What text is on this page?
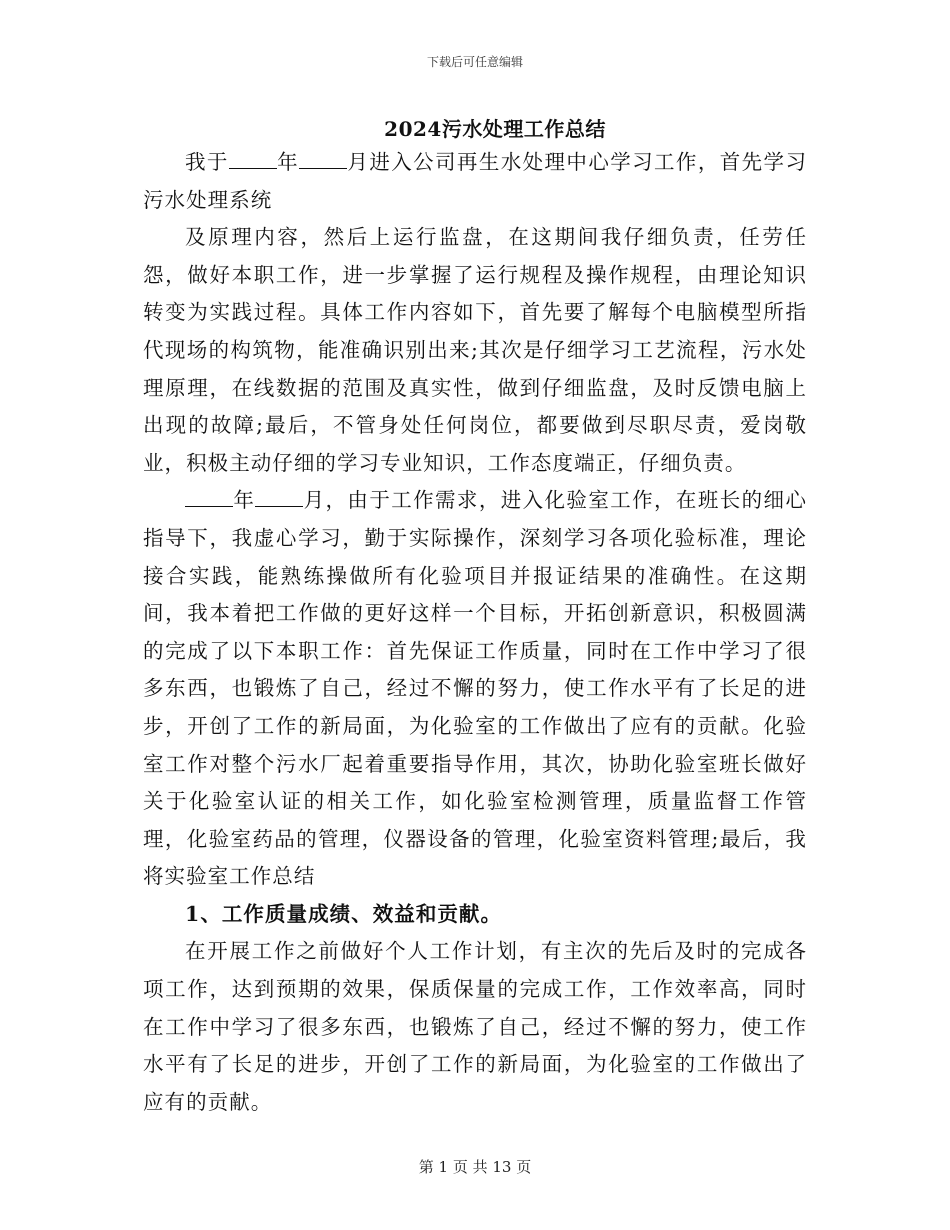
下载后可任意编辑
2024污水处理工作总结

我于 年 月进入公司再生水处理中心学习工作，首先学习污水处理系统

及原理内容，然后上运行监盘，在这期间我仔细负责，任劳任怨，做好本职工作，进一步掌握了运行规程及操作规程，由理论知识转变为实践过程。具体工作内容如下，首先要了解每个电脑模型所指代现场的构筑物，能准确识别出来;其次是仔细学习工艺流程，污水处理原理，在线数据的范围及真实性，做到仔细监盘，及时反馈电脑上出现的故障;最后，不管身处任何岗位，都要做到尽职尽责，爱岗敬业，积极主动仔细的学习专业知识，工作态度端正，仔细负责。

年 月，由于工作需求，进入化验室工作，在班长的细心指导下，我虚心学习，勤于实际操作，深刻学习各项化验标准，理论接合实践，能熟练操做所有化验项目并报证结果的准确性。在这期间，我本着把工作做的更好这样一个目标，开拓创新意识，积极圆满的完成了以下本职工作：首先保证工作质量，同时在工作中学习了很多东西，也锻炼了自己，经过不懈的努力，使工作水平有了长足的进步，开创了工作的新局面，为化验室的工作做出了应有的贡献。化验室工作对整个污水厂起着重要指导作用，其次，协助化验室班长做好关于化验室认证的相关工作，如化验室检测管理，质量监督工作管理，化验室药品的管理，仪器设备的管理，化验室资料管理;最后，我将实验室工作总结

1、工作质量成绩、效益和贡献。

在开展工作之前做好个人工作计划，有主次的先后及时的完成各项工作，达到预期的效果，保质保量的完成工作，工作效率高，同时在工作中学习了很多东西，也锻炼了自己，经过不懈的努力，使工作水平有了长足的进步，开创了工作的新局面，为化验室的工作做出了应有的贡献。

第 1 页 共 13 页
